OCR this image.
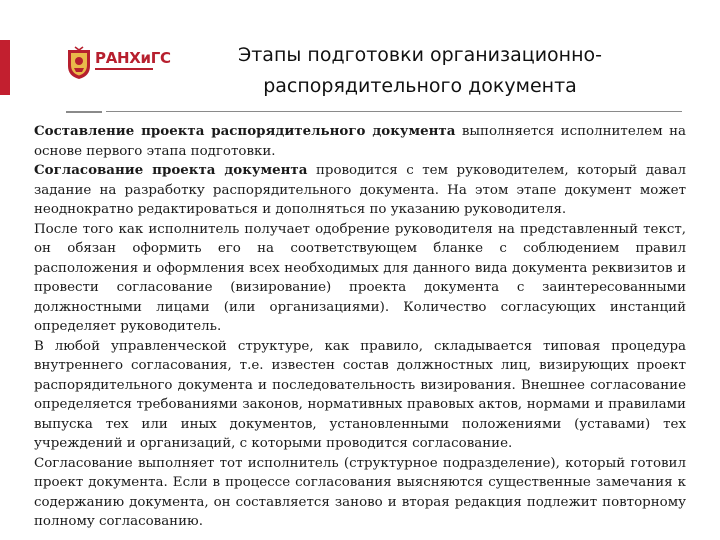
РАНХиГС	Этапы подготовки организационно-распорядительного документа

Составление проекта распорядительного документа выполняется исполнителем на основе первого этапа подготовки.

Согласование проекта документа проводится с тем руководителем, который давал задание на разработку распорядительного документа. На этом этапе документ может неоднократно редактироваться и дополняться по указанию руководителя.

После того как исполнитель получает одобрение руководителя на представленный текст, он обязан оформить его на соответствующем бланке с соблюдением правил расположения и оформления всех необходимых для данного вида документа реквизитов и провести согласование (визирование) проекта документа с заинтересованными должностными лицами (или организациями). Количество согласующих инстанций определяет руководитель.

В любой управленческой структуре, как правило, складывается типовая процедура внутреннего согласования, т.е. известен состав должностных лиц, визирующих проект распорядительного документа и последовательность визирования. Внешнее согласование определяется требованиями законов, нормативных правовых актов, нормами и правилами выпуска тех или иных документов, установленными положениями (уставами) тех учреждений и организаций, с которыми проводится согласование.

Согласование выполняет тот исполнитель (структурное подразделение), который готовил проект документа. Если в процессе согласования выясняются существенные замечания к содержанию документа, он составляется заново и вторая редакция подлежит повторному полному согласованию.
